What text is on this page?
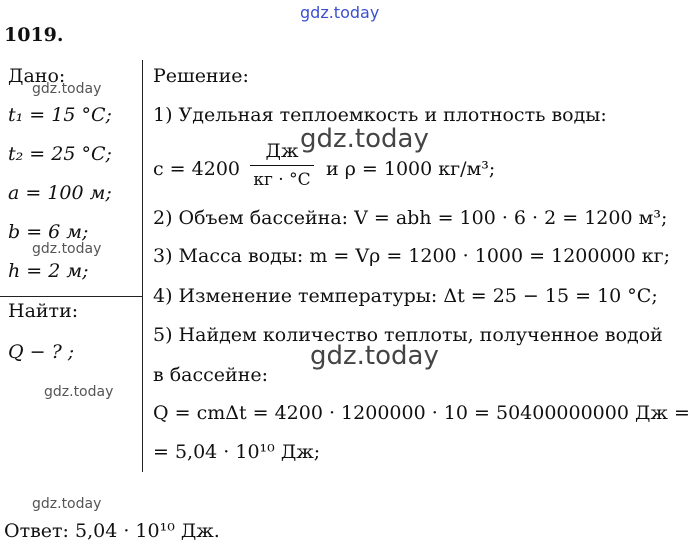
gdz.today
gdz.today
gdz.today
gdz.today
gdz.today
gdz.today
gdz.today
1019.
Дано:
t₁ = 15 °C;
t₂ = 25 °C;
a = 100 м;
b = 6 м;
h = 2 м;
Найти:
Q − ? ;
Решение:
1) Удельная теплоемкость и плотность воды:
c = 4200
Дж
кг · °C и ρ = 1000 кг/м³;
2) Объем бассейна: V = abh = 100 · 6 · 2 = 1200 м³;
3) Масса воды: m = Vρ = 1200 · 1000 = 1200000 кг;
4) Изменение температуры: Δt = 25 − 15 = 10 °C;
5) Найдем количество теплоты, полученное водой
в бассейне:
Q = cmΔt = 4200 · 1200000 · 10 = 50400000000 Дж =
= 5,04 · 10¹⁰ Дж;
Ответ: 5,04 · 10¹⁰ Дж.
